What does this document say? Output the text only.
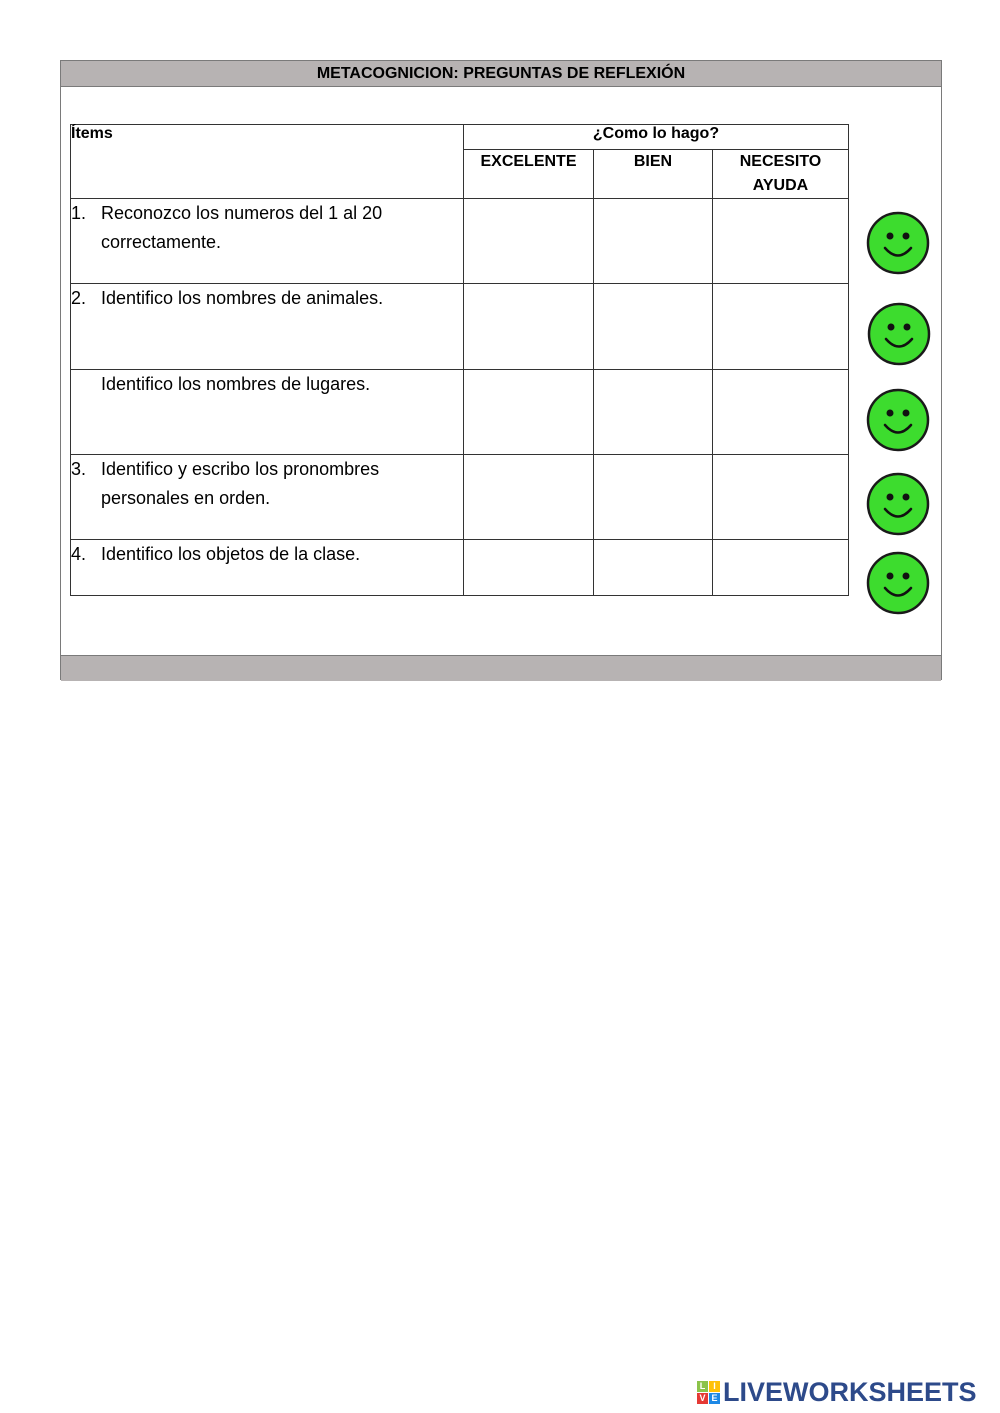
METACOGNICION: PREGUNTAS DE REFLEXIÓN
Ítems	¿Como lo hago?		
	EXCELENTE	BIEN	NECESITO AYUDA

1. Reconozco los numeros del 1 al 20 correctamente.			

2. Identifico los nombres de animales.			

Identifico los nombres de lugares.			

3. Identifico y escribo los pronombres personales en orden.			

4. Identifico los objetos de la clase.			

L I
V E LIVEWORKSHEETS
